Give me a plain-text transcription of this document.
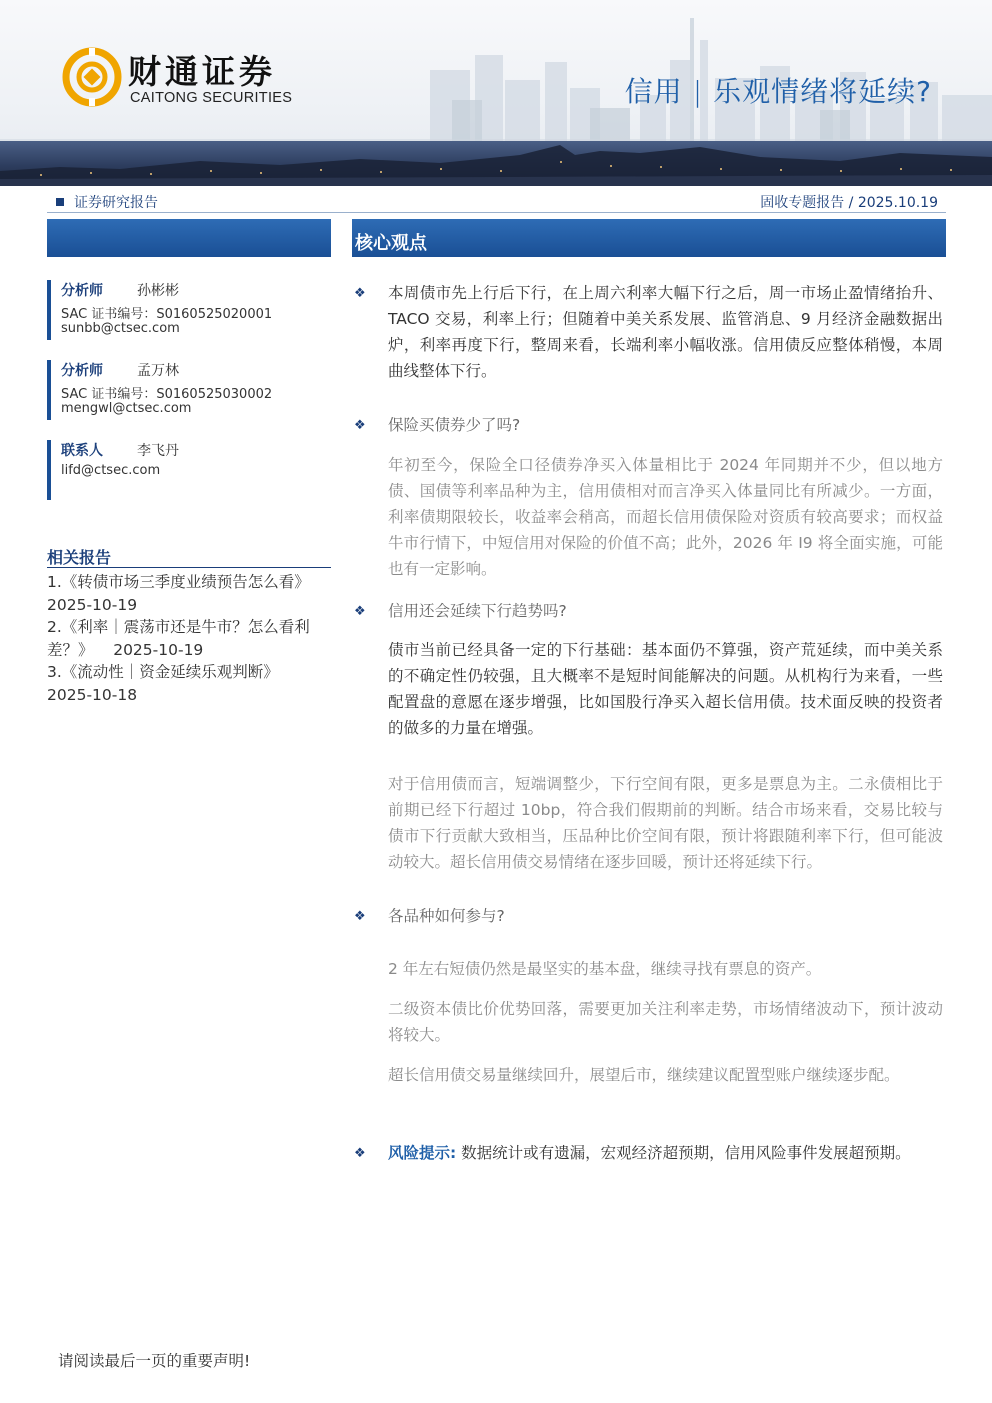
财通证券
CAITONG SECURITIES	信用 | 乐观情绪将延续?
证券研究报告	固收专题报告 / 2025.10.19
核心观点
分析师 孙彬彬
SAC 证书编号：S0160525020001
sunbb@ctsec.com
分析师 孟万林
SAC 证书编号：S0160525030002
mengwl@ctsec.com
联系人 李飞丹
lifd@ctsec.com
相关报告
1.《转债市场三季度业绩预告怎么看》
2025-10-19
2.《利率｜震荡市还是牛市？怎么看利
差？》    2025-10-19
3.《流动性｜资金延续乐观判断》
2025-10-18
❖ 本周债市先上行后下行，在上周六利率大幅下行之后，周一市场止盈情绪抬升、TACO 交易，利率上行；但随着中美关系发展、监管消息、9 月经济金融数据出炉，利率再度下行，整周来看，长端利率小幅收涨。信用债反应整体稍慢，本周曲线整体下行。
❖ 保险买债券少了吗?
年初至今，保险全口径债券净买入体量相比于 2024 年同期并不少，但以地方债、国债等利率品种为主，信用债相对而言净买入体量同比有所减少。一方面，利率债期限较长，收益率会稍高，而超长信用债保险对资质有较高要求；而权益牛市行情下，中短信用对保险的价值不高；此外，2026 年 I9 将全面实施，可能也有一定影响。
❖ 信用还会延续下行趋势吗?
债市当前已经具备一定的下行基础：基本面仍不算强，资产荒延续，而中美关系的不确定性仍较强，且大概率不是短时间能解决的问题。从机构行为来看，一些配置盘的意愿在逐步增强，比如国股行净买入超长信用债。技术面反映的投资者的做多的力量在增强。
对于信用债而言，短端调整少，下行空间有限，更多是票息为主。二永债相比于前期已经下行超过 10bp，符合我们假期前的判断。结合市场来看，交易比较与债市下行贡献大致相当，压品种比价空间有限，预计将跟随利率下行，但可能波动较大。超长信用债交易情绪在逐步回暖，预计还将延续下行。
❖ 各品种如何参与?
2 年左右短债仍然是最坚实的基本盘，继续寻找有票息的资产。
二级资本债比价优势回落，需要更加关注利率走势，市场情绪波动下，预计波动将较大。
超长信用债交易量继续回升，展望后市，继续建议配置型账户继续逐步配。
❖ 风险提示: 数据统计或有遗漏，宏观经济超预期，信用风险事件发展超预期。
请阅读最后一页的重要声明!
